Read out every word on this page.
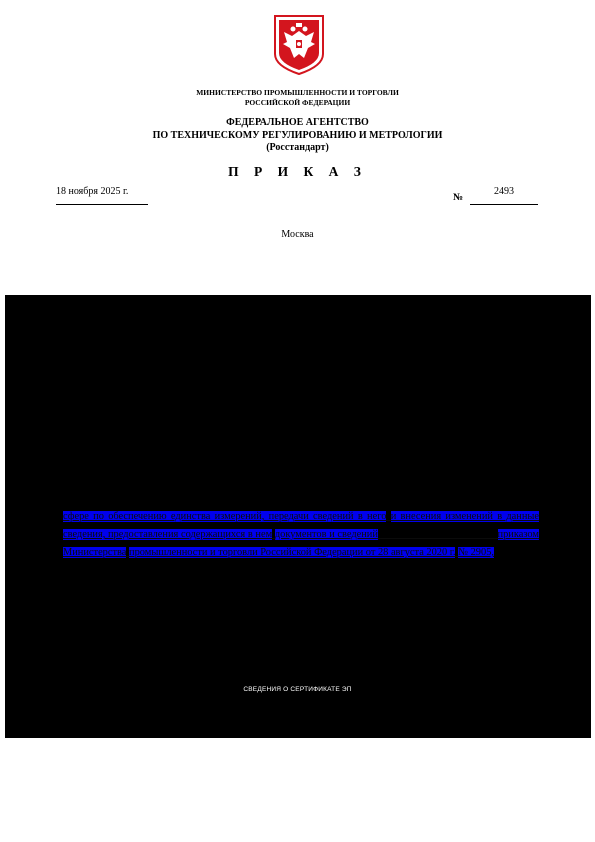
МИНИСТЕРСТВО ПРОМЫШЛЕННОСТИ И ТОРГОВЛИ
РОССИЙСКОЙ ФЕДЕРАЦИИ
ФЕДЕРАЛЬНОЕ АГЕНТСТВО
ПО ТЕХНИЧЕСКОМУ РЕГУЛИРОВАНИЮ И МЕТРОЛОГИИ
(Росстандарт)
П Р И К А З
18 ноября 2025 г.
№
2493
Москва
сфере по обеспечению единства измерений, передачи сведений в него и внесения изменений в данные сведения, предоставления содержащихся в нем документов и сведений            	приказом Министерства промышленности и торговли Российской Федерации от 28 августа 2020 г. № 2905,
СВЕДЕНИЯ О СЕРТИФИКАТЕ ЭП
